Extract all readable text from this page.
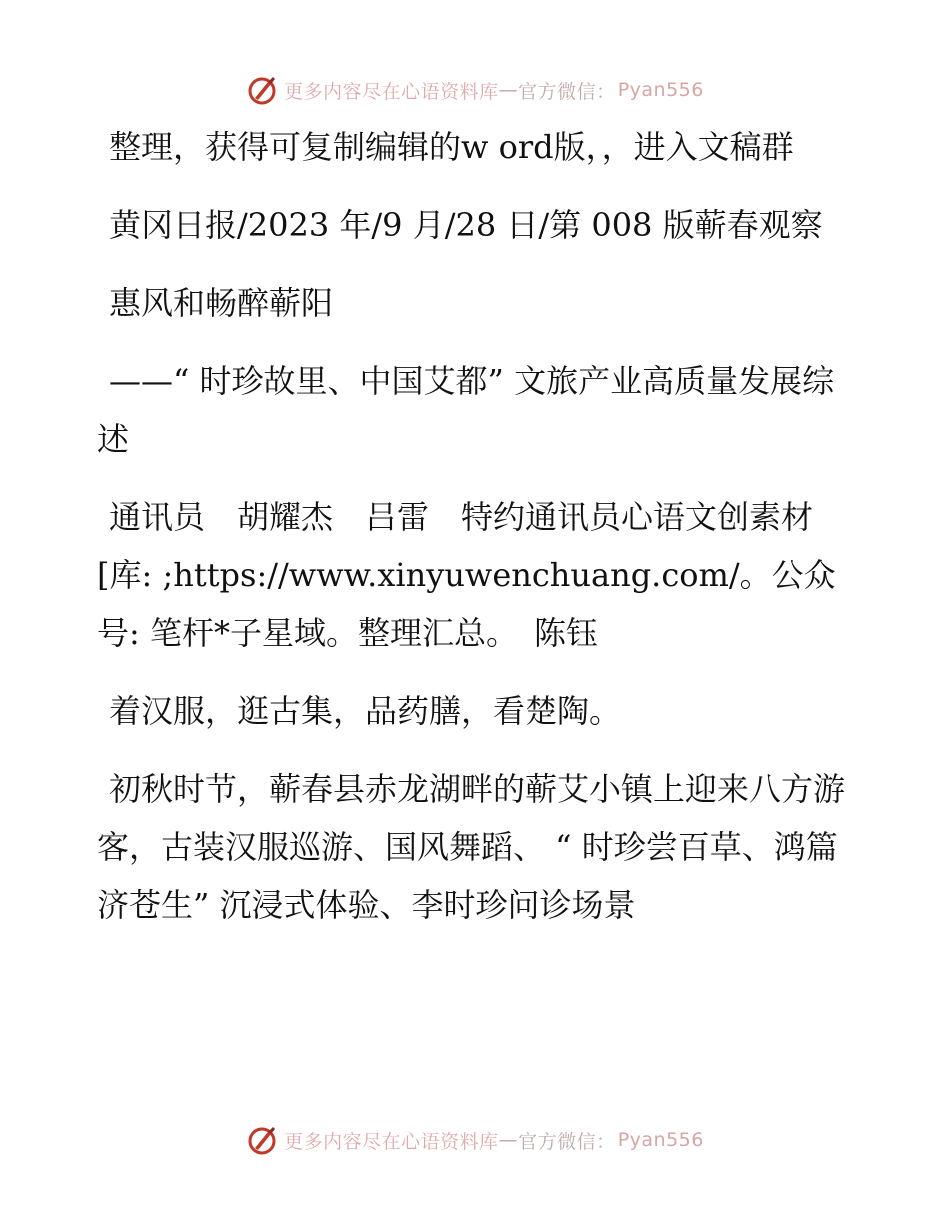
更多内容尽在心语资料库 — 官方微信： Pyan556

整理，获得可复制编辑的w ord版，，进入文稿群

黄冈日报/2023 年/9 月/28 日/第 008 版蕲春观察

惠风和畅醉蕲阳

——“ 时珍故里、中国艾都” 文旅产业高质量发展综述

通讯员　胡耀杰　吕雷　特约通讯员心语文创素材[库: ;https://www.xinyuwenchuang.com/。公众号: 笔杆*子星域。整理汇总。　陈钰

着汉服，逛古集，品药膳，看楚陶。

初秋时节，蕲春县赤龙湖畔的蕲艾小镇上迎来八方游客，古装汉服巡游、国风舞蹈、 “ 时珍尝百草、鸿篇济苍生” 沉浸式体验、李时珍问诊场景

更多内容尽在心语资料库 — 官方微信： Pyan556
